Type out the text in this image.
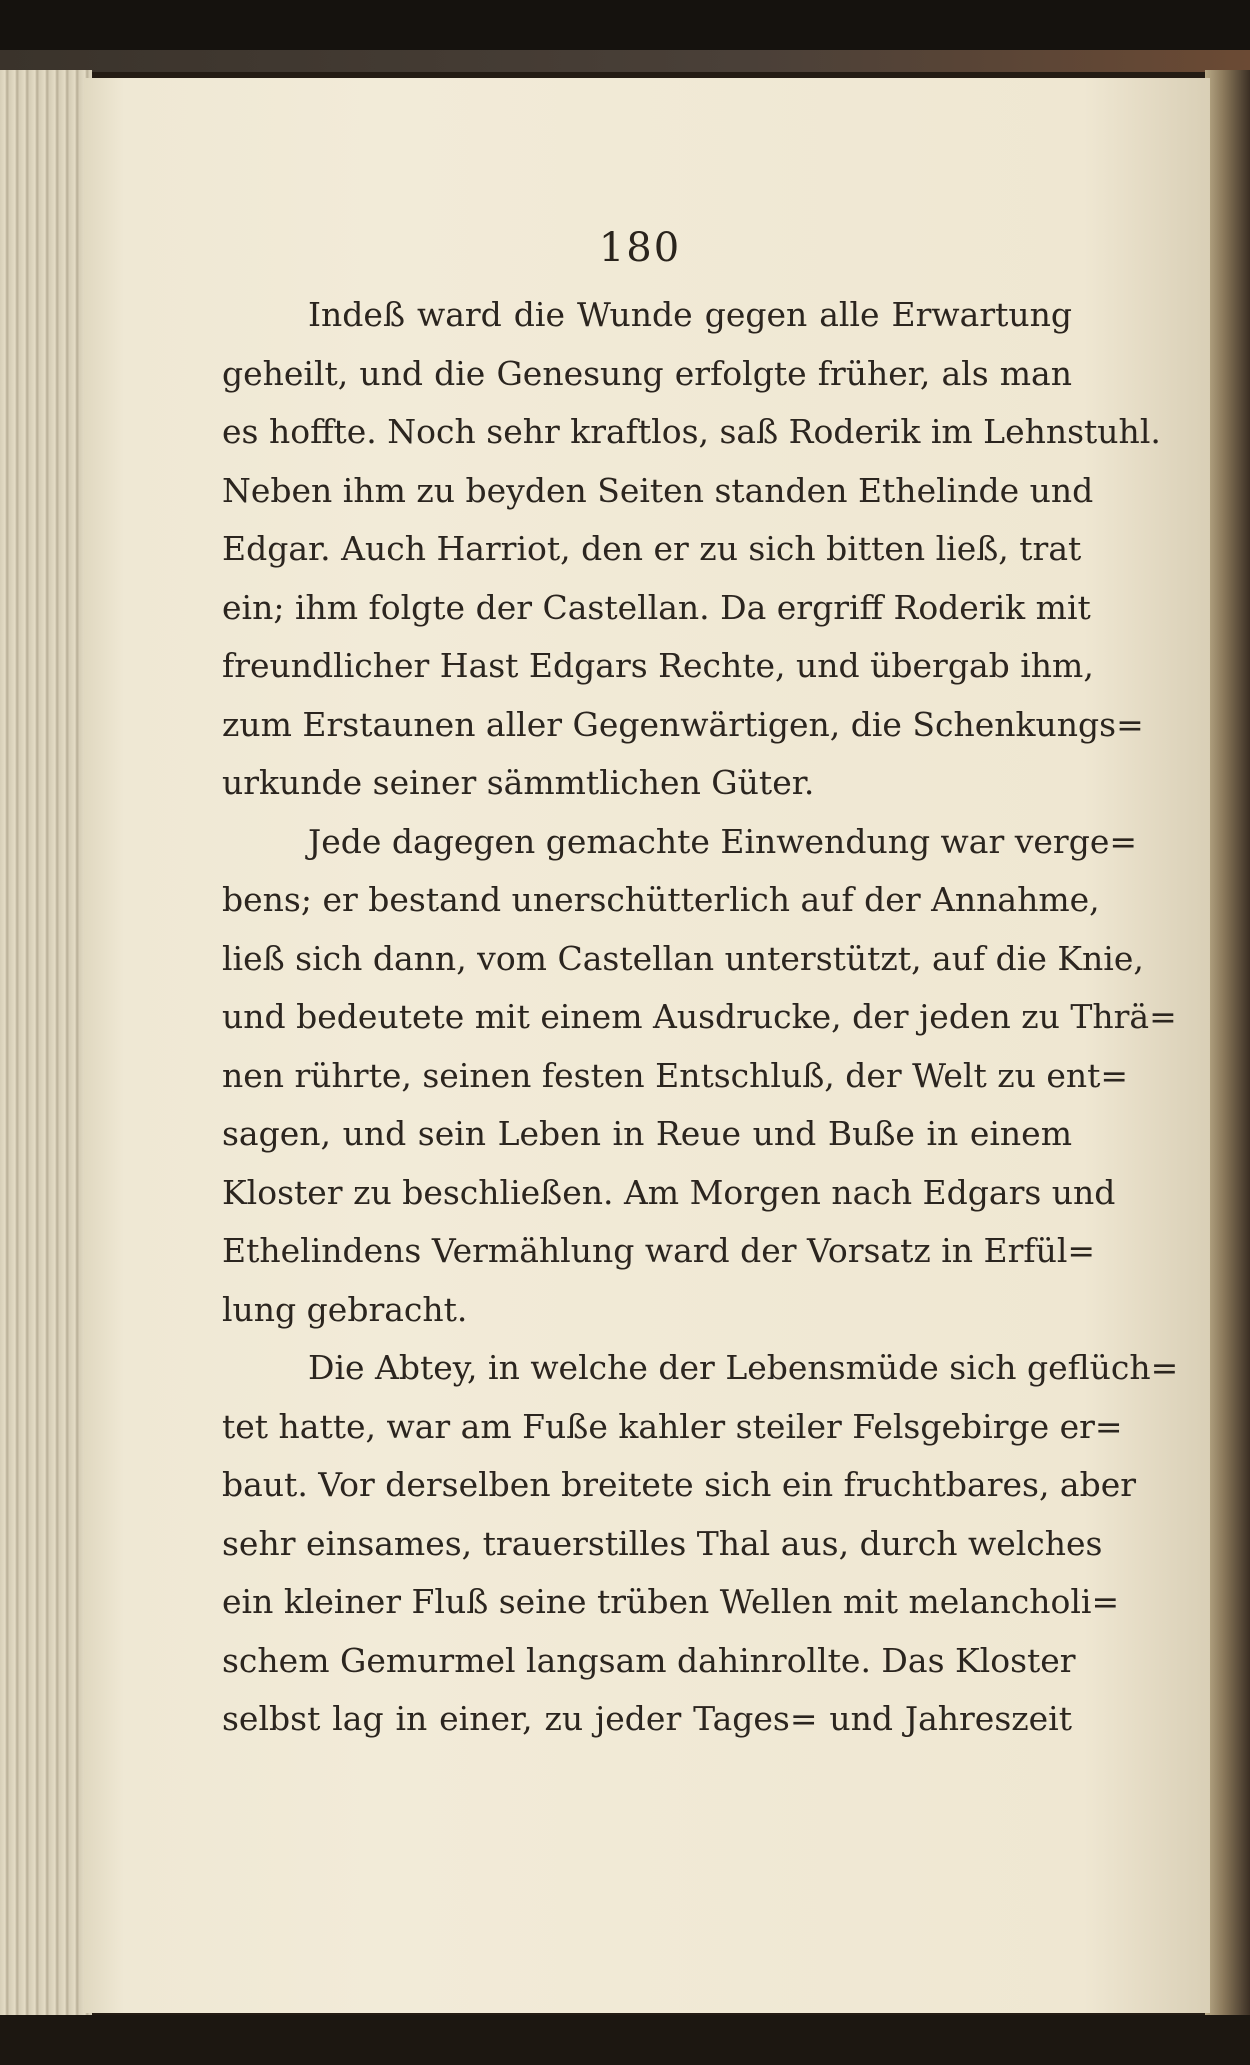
180
Indeß ward die Wunde gegen alle Erwartung
geheilt, und die Genesung erfolgte früher, als man
es hoffte. Noch sehr kraftlos, saß Roderik im Lehnstuhl.
Neben ihm zu beyden Seiten standen Ethelinde und
Edgar. Auch Harriot, den er zu sich bitten ließ, trat
ein; ihm folgte der Castellan. Da ergriff Roderik mit
freundlicher Hast Edgars Rechte, und übergab ihm,
zum Erstaunen aller Gegenwärtigen, die Schenkungs=
urkunde seiner sämmtlichen Güter.
Jede dagegen gemachte Einwendung war verge=
bens; er bestand unerschütterlich auf der Annahme,
ließ sich dann, vom Castellan unterstützt, auf die Knie,
und bedeutete mit einem Ausdrucke, der jeden zu Thrä=
nen rührte, seinen festen Entschluß, der Welt zu ent=
sagen, und sein Leben in Reue und Buße in einem
Kloster zu beschließen. Am Morgen nach Edgars und
Ethelindens Vermählung ward der Vorsatz in Erfül=
lung gebracht.
Die Abtey, in welche der Lebensmüde sich geflüch=
tet hatte, war am Fuße kahler steiler Felsgebirge er=
baut. Vor derselben breitete sich ein fruchtbares, aber
sehr einsames, trauerstilles Thal aus, durch welches
ein kleiner Fluß seine trüben Wellen mit melancholi=
schem Gemurmel langsam dahinrollte. Das Kloster
selbst lag in einer, zu jeder Tages= und Jahreszeit
